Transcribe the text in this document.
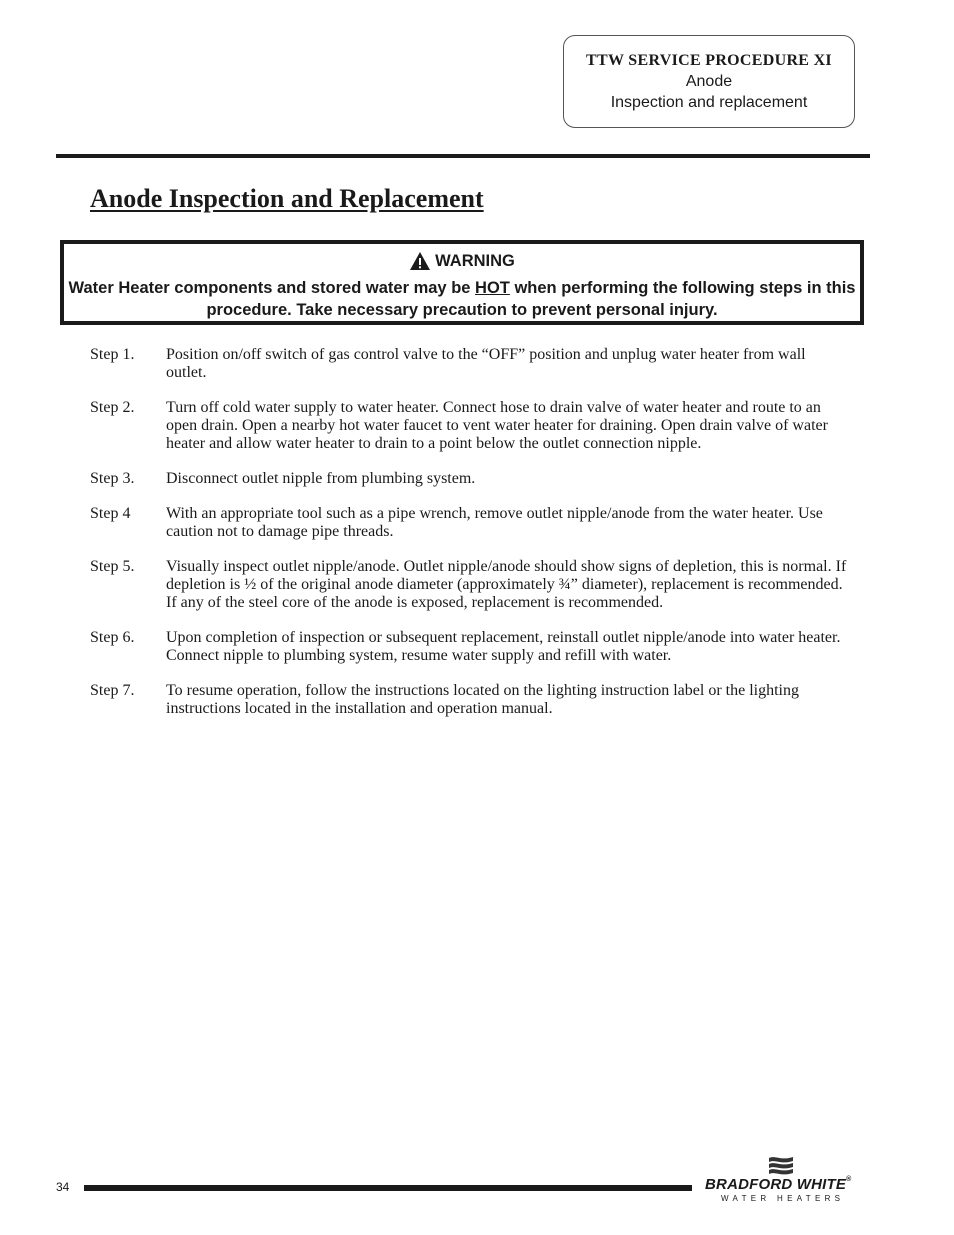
TTW SERVICE PROCEDURE XI
Anode
Inspection and replacement
Anode Inspection and Replacement
WARNING
Water Heater components and stored water may be HOT when performing the following steps in this procedure. Take necessary precaution to prevent personal injury.
Step 1.	Position on/off switch of gas control valve to the “OFF” position and unplug water heater from wall outlet.
Step 2.	Turn off cold water supply to water heater. Connect hose to drain valve of water heater and route to an open drain. Open a nearby hot water faucet to vent water heater for draining. Open drain valve of water heater and allow water heater to drain to a point below the outlet connection nipple.
Step 3.	Disconnect outlet nipple from plumbing system.
Step 4	With an appropriate tool such as a pipe wrench, remove outlet nipple/anode from the water heater. Use caution not to damage pipe threads.
Step 5.	Visually inspect outlet nipple/anode. Outlet nipple/anode should show signs of depletion, this is normal. If depletion is ½ of the original anode diameter (approximately ¾” diameter), replacement is recommended. If any of the steel core of the anode is exposed, replacement is recommended.
Step 6.	Upon completion of inspection or subsequent replacement, reinstall outlet nipple/anode into water heater. Connect nipple to plumbing system, resume water supply and refill with water.
Step 7.	To resume operation, follow the instructions located on the lighting instruction label or the lighting instructions located in the installation and operation manual.
34	BRADFORD WHITE®
WATER HEATERS
